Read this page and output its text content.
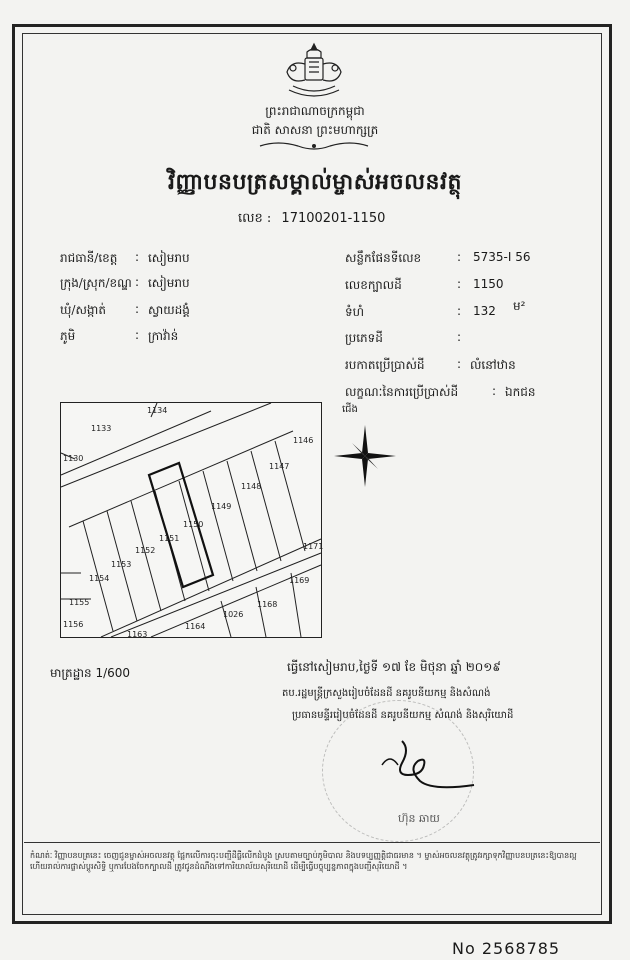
ព្រះរាជាណាចក្រកម្ពុជា
ជាតិ សាសនា ព្រះមហាក្សត្រ
វិញ្ញាបនបត្រសម្គាល់ម្ចាស់អចលនវត្ថុ
លេខ : 17100201-1150
រាជធានី/ខេត្ត : សៀមរាប
ក្រុង/ស្រុក/ខណ្ឌ : សៀមរាប
ឃុំ/សង្កាត់ : ស្វាយដង្គំ
ភូមិ	: ក្រាវ៉ាន់
សន្លឹកផែនទីលេខ	: 5735-I 56
លេខក្បាលដី	: 1150
ទំហំ	: 132 ម²
ប្រភេទដី	:
របកាតប្រើប្រាស់ដី	: លំនៅឋាន
លក្ខណៈនៃការប្រើប្រាស់ដី	: ឯកជន
1134
1133
1130
1146
1147
1148
1149
1150
1151
1152
1153
1154
1155
1156
1171
1169
1168
1026
1164
1163
ជើង
មាត្រដ្ឋាន 1/600	ធ្វើនៅសៀមរាប,ថ្ងៃទី ១៧ ខែ មិថុនា ឆ្នាំ ២០១៩
តប.រដ្ឋមន្ត្រីក្រសួងរៀបចំដែនដី នគរូបនីយកម្ម និងសំណង់
ប្រធានមន្ទីររៀបចំដែនដី នគរូបនីយកម្ម សំណង់ និងសុរិយោដី
ហ៊ុន ឆាយ
កំណត់ៈ វិញ្ញាបនបត្រនេះ ចេញជូនម្ចាស់អចលនវត្ថុ ផ្អែកលើការចុះបញ្ជីដីធ្លីលើកដំបូង ស្របតាមច្បាប់ភូមិបាល និងបទប្បញ្ញត្តិជាធរមាន ។ ម្ចាស់អចលនវត្ថុត្រូវរក្សាទុកវិញ្ញាបនបត្រនេះឱ្យបានល្អ ហើយរាល់ការផ្លាស់ប្តូរសិទ្ធិ ឬការបែងចែកក្បាលដី ត្រូវជូនដំណឹងទៅការិយាល័យសុរិយោដី ដើម្បីធ្វើបច្ចុប្បន្នភាពក្នុងបញ្ជីសុរិយោដី ។
No 2568785
